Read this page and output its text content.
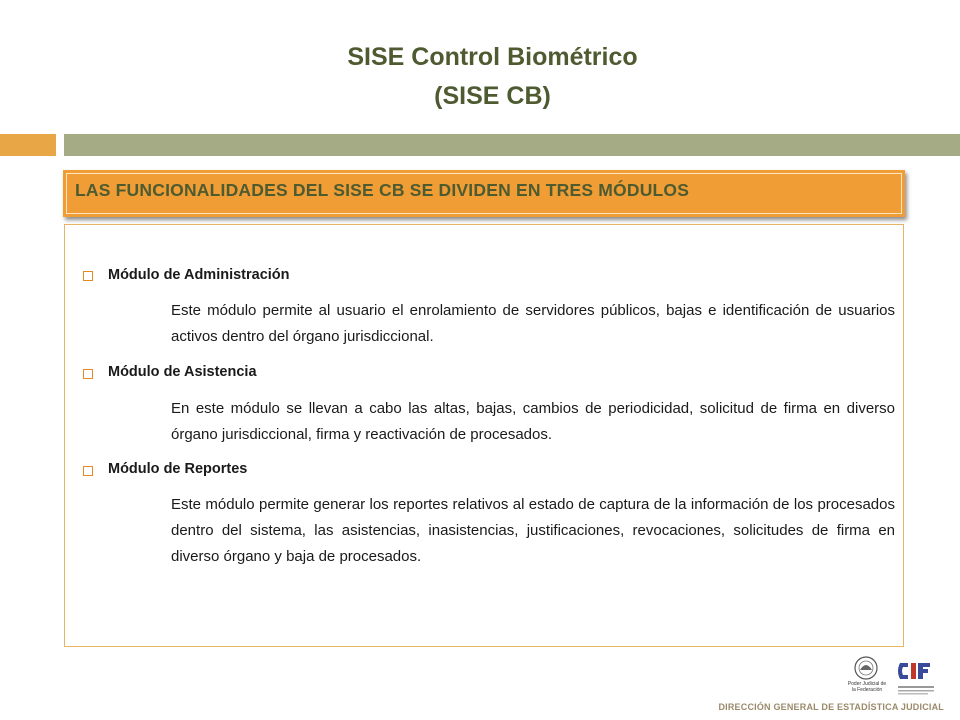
SISE Control Biométrico
(SISE CB)
LAS FUNCIONALIDADES DEL SISE CB SE DIVIDEN EN TRES MÓDULOS
Módulo de Administración
Este módulo permite al usuario el enrolamiento de servidores públicos, bajas e identificación de usuarios activos dentro del órgano jurisdiccional.
Módulo de Asistencia
En este módulo se llevan a cabo las altas, bajas, cambios de periodicidad, solicitud de firma en diverso órgano jurisdiccional, firma y reactivación de procesados.
Módulo de Reportes
Este módulo permite generar los reportes relativos al estado de captura de la información de los procesados dentro del sistema, las asistencias, inasistencias, justificaciones, revocaciones, solicitudes de firma en diverso órgano y baja de procesados.
Poder Judicial de la Federación
DIRECCIÓN GENERAL DE ESTADÍSTICA JUDICIAL
